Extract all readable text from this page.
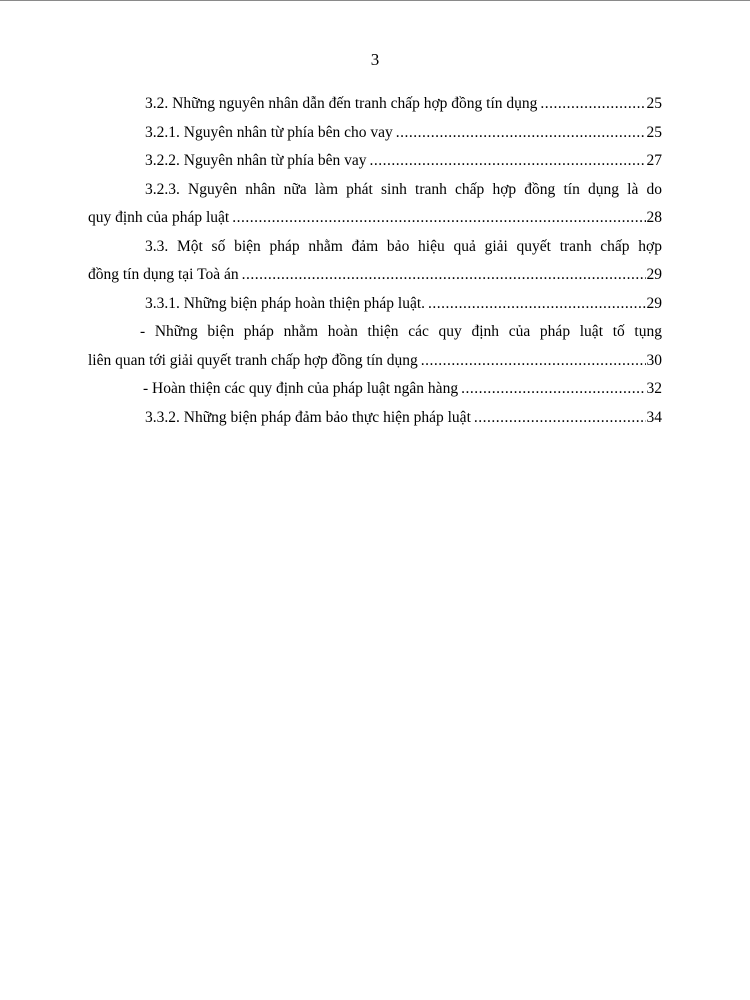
3
3.2. Những nguyên nhân dẫn đến tranh chấp hợp đồng tín dụng .....	25
3.2.1. Nguyên nhân từ phía bên cho vay .....	25
3.2.2. Nguyên nhân từ phía bên vay .....	27
3.2.3. Nguyên nhân nữa làm phát sinh tranh chấp hợp đồng tín dụng là do
quy định của pháp luật .....	28
3.3. Một số biện pháp nhằm đảm bảo hiệu quả giải quyết tranh chấp hợp
đồng tín dụng tại Toà án .....	29
3.3.1. Những biện pháp hoàn thiện pháp luật. .....	29
- Những biện pháp nhằm hoàn thiện các quy định của pháp luật tố tụng
liên quan tới giải quyết tranh chấp hợp đồng tín dụng .....	30
- Hoàn thiện các quy định của pháp luật ngân hàng .....	32
3.3.2. Những biện pháp đảm bảo thực hiện pháp luật .....	34
